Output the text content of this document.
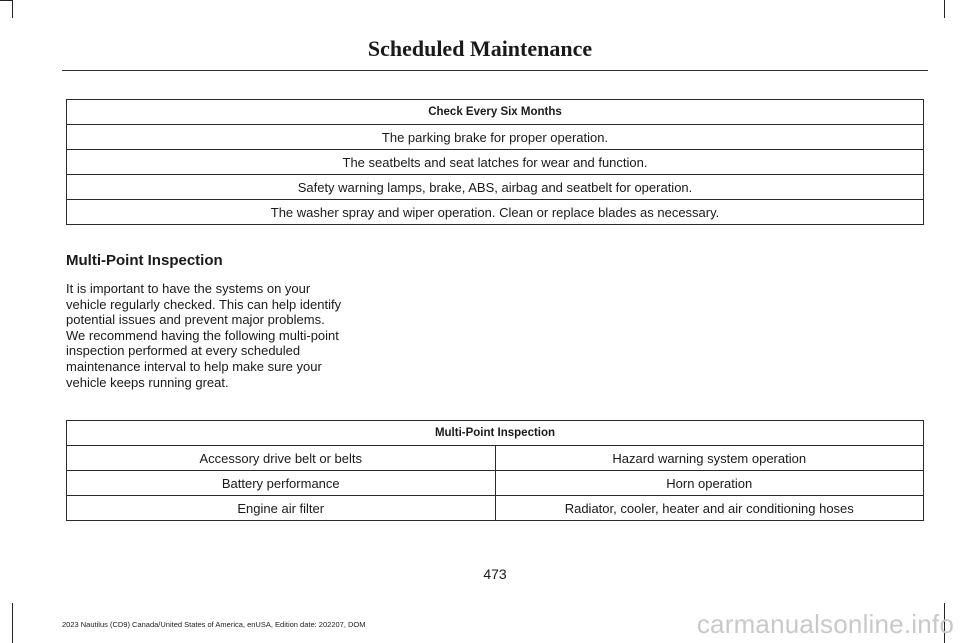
Scheduled Maintenance
Check Every Six Months
The parking brake for proper operation.
The seatbelts and seat latches for wear and function.
Safety warning lamps, brake, ABS, airbag and seatbelt for operation.
The washer spray and wiper operation. Clean or replace blades as necessary.
Multi-Point Inspection

It is important to have the systems on your vehicle regularly checked. This can help identify potential issues and prevent major problems. We recommend having the following multi-point inspection performed at every scheduled maintenance interval to help make sure your vehicle keeps running great.

Multi-Point Inspection	
Accessory drive belt or belts	Hazard warning system operation
Battery performance	Horn operation
Engine air filter	Radiator, cooler, heater and air conditioning hoses
473
2023 Nautilus (CD9) Canada/United States of America, enUSA, Edition date: 202207, DOM	carmanualsonline.info
